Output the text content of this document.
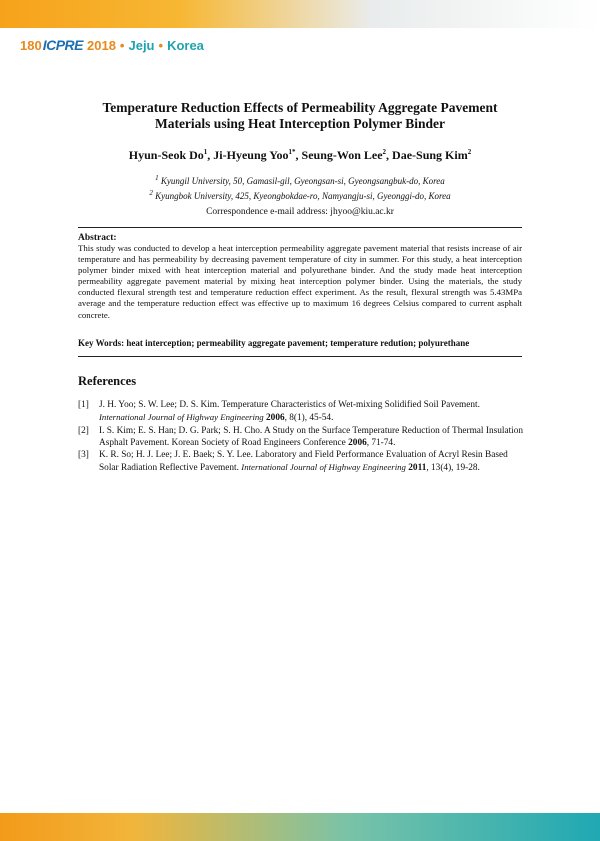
180 ICPRE 2018 • Jeju • Korea
Temperature Reduction Effects of Permeability Aggregate Pavement
Materials using Heat Interception Polymer Binder
Hyun-Seok Do$^1$, Ji-Hyeung Yoo$^{1*}$, Seung-Won Lee$^2$, Dae-Sung Kim$^2$
$^1$ Kyungil University, 50, Gamasil-gil, Gyeongsan-si, Gyeongsangbuk-do, Korea
$^2$ Kyungbok University, 425, Kyeongbokdae-ro, Namyangju-si, Gyeonggi-do, Korea
Correspondence e-mail address: jhyoo@kiu.ac.kr
Abstract:
This study was conducted to develop a heat interception permeability aggregate pavement material that resists increase of air temperature and has permeability by decreasing pavement temperature of city in summer. For this study, a heat interception polymer binder mixed with heat interception material and polyurethane binder. And the study made heat interception permeability aggregate pavement material by mixing heat interception polymer binder. Using the materials, the study conducted flexural strength test and temperature reduction effect experiment. As the result, flexural strength was 5.43MPa average and the temperature reduction effect was effective up to maximum 16 degrees Celsius compared to current asphalt concrete.
Key Words: heat interception; permeability aggregate pavement; temperature redution; polyurethane
References
[1]	J. H. Yoo; S. W. Lee; D. S. Kim. Temperature Characteristics of Wet-mixing Solidified Soil Pavement. International Journal of Highway Engineering 2006, 8(1), 45-54.
[2]	I. S. Kim; E. S. Han; D. G. Park; S. H. Cho. A Study on the Surface Temperature Reduction of Thermal Insulation Asphalt Pavement. Korean Society of Road Engineers Conference 2006, 71-74.
[3]	K. R. So; H. J. Lee; J. E. Baek; S. Y. Lee. Laboratory and Field Performance Evaluation of Acryl Resin Based Solar Radiation Reflective Pavement. International Journal of Highway Engineering 2011, 13(4), 19-28.
